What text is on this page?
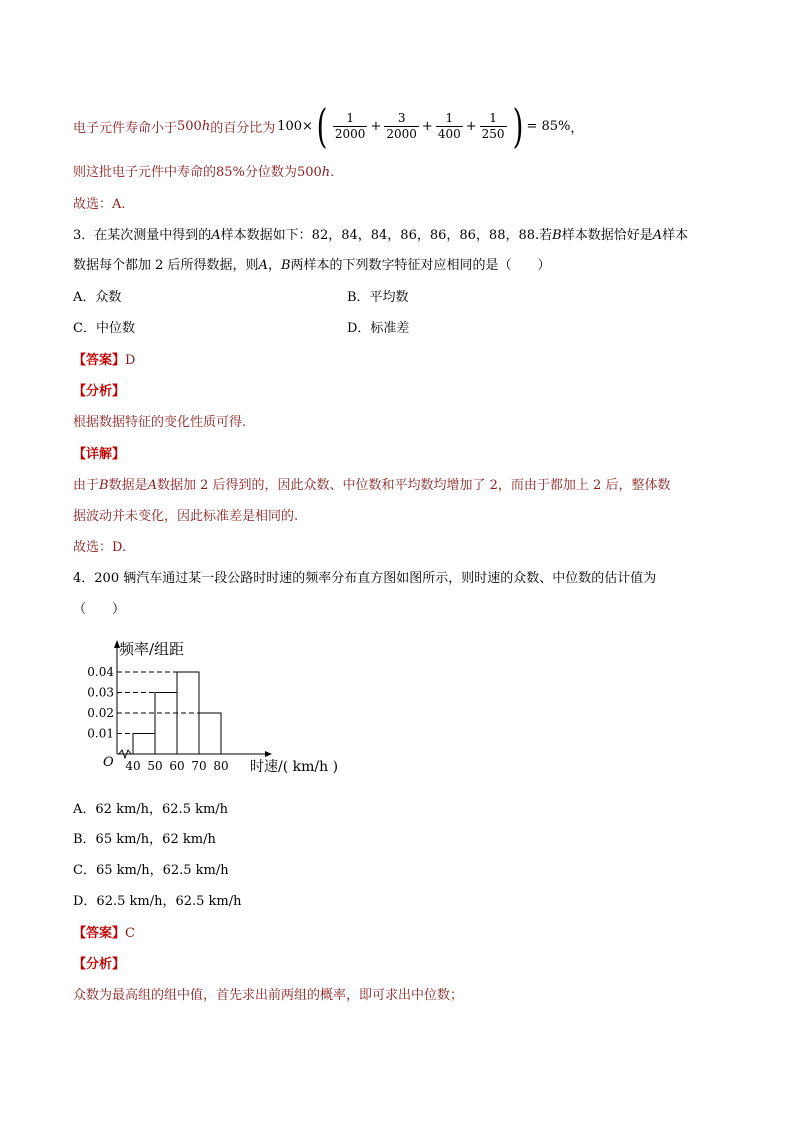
电子元件寿命小于 500 h 的百分比为 100× ( $\frac{1}{2000} + \frac{3}{2000} + \frac{1}{400} + \frac{1}{250}$ ) = 85% ，
则这批电子元件中寿命的85%分位数为500h.
故选：A.
3．在某次测量中得到的A样本数据如下：82，84，84，86，86，86，88，88.若B样本数据恰好是A样本
数据每个都加 2 后所得数据，则A，B两样本的下列数字特征对应相同的是（　　）
A．众数	B．平均数
C．中位数	D．标准差
【答案】D
【分析】
根据数据特征的变化性质可得.
【详解】
由于B数据是A数据加 2 后得到的，因此众数、中位数和平均数均增加了 2，而由于都加上 2 后，整体数
据波动并未变化，因此标准差是相同的.
故选：D.
4．200 辆汽车通过某一段公路时时速的频率分布直方图如图所示，则时速的众数、中位数的估计值为
（　　）
0.01
0.02
0.03
0.04
40 50 60 70 80
O
频率/组距
时速/( km/h )
A．62 km/h，62.5 km/h
B．65 km/h，62 km/h
C．65 km/h，62.5 km/h
D．62.5 km/h，62.5 km/h
【答案】C
【分析】
众数为最高组的组中值，首先求出前两组的概率，即可求出中位数；
